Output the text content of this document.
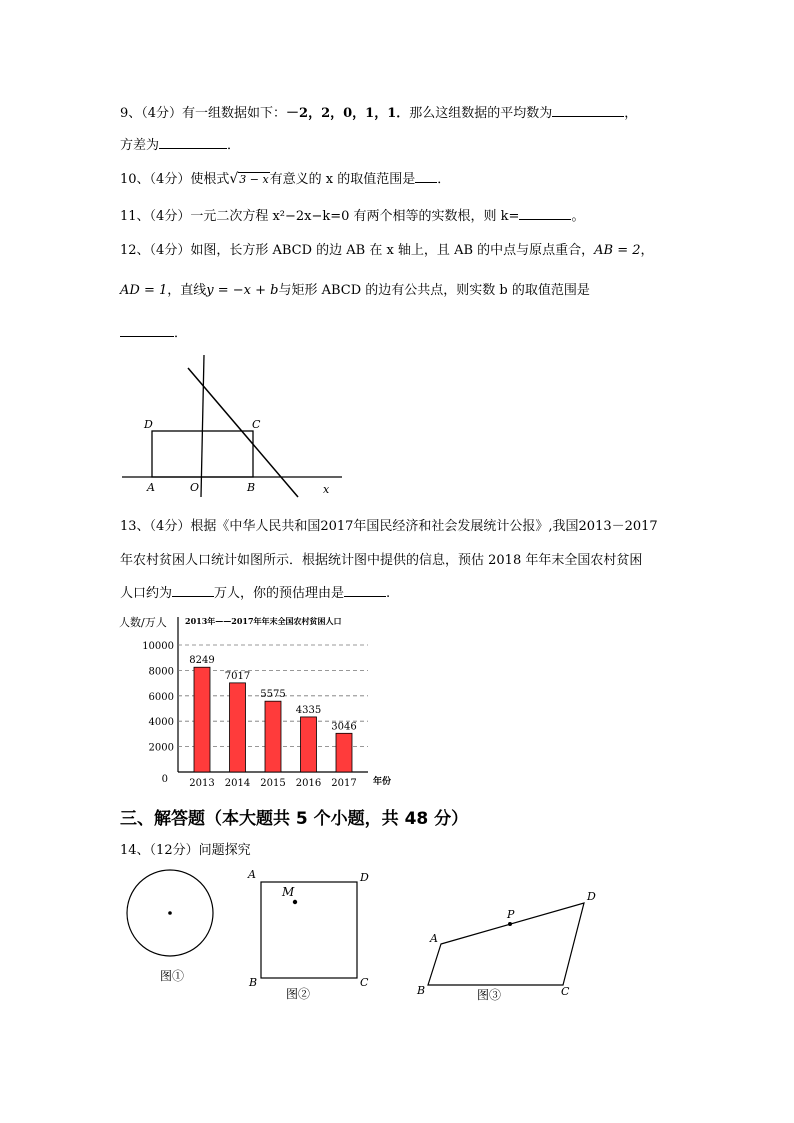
9、（4分）有一组数据如下：－2，2，0，1，1．那么这组数据的平均数为	，
方差为	．
10、（4分）使根式√3 − x有意义的 x 的取值范围是 ．
11、（4分）一元二次方程 x²−2x−k=0 有两个相等的实数根，则 k=	。
12、（4分）如图，长方形 ABCD 的边 AB 在 x 轴上，且 AB 的中点与原点重合，AB = 2，
AD = 1，直线y = −x + b与矩形 ABCD 的边有公共点，则实数 b 的取值范围是
．
D	C
A	O	B	x
13、（4分）根据《中华人民共和国2017年国民经济和社会发展统计公报》,我国2013－2017
年农村贫困人口统计如图所示．根据统计图中提供的信息，预估 2018 年年末全国农村贫困
人口约为	万人，你的预估理由是	.
人数/万人 2013年——2017年年末全国农村贫困人口
年份
0
2000
4000
6000
8000
10000
8249
2013
7017
2014
5575
2015
4335
2016
3046
2017
三、解答题（本大题共 5 个小题，共 48 分）
14、（12分）问题探究
图①
M
A	D
B	C
图②
P
A
D
B	C
图③
